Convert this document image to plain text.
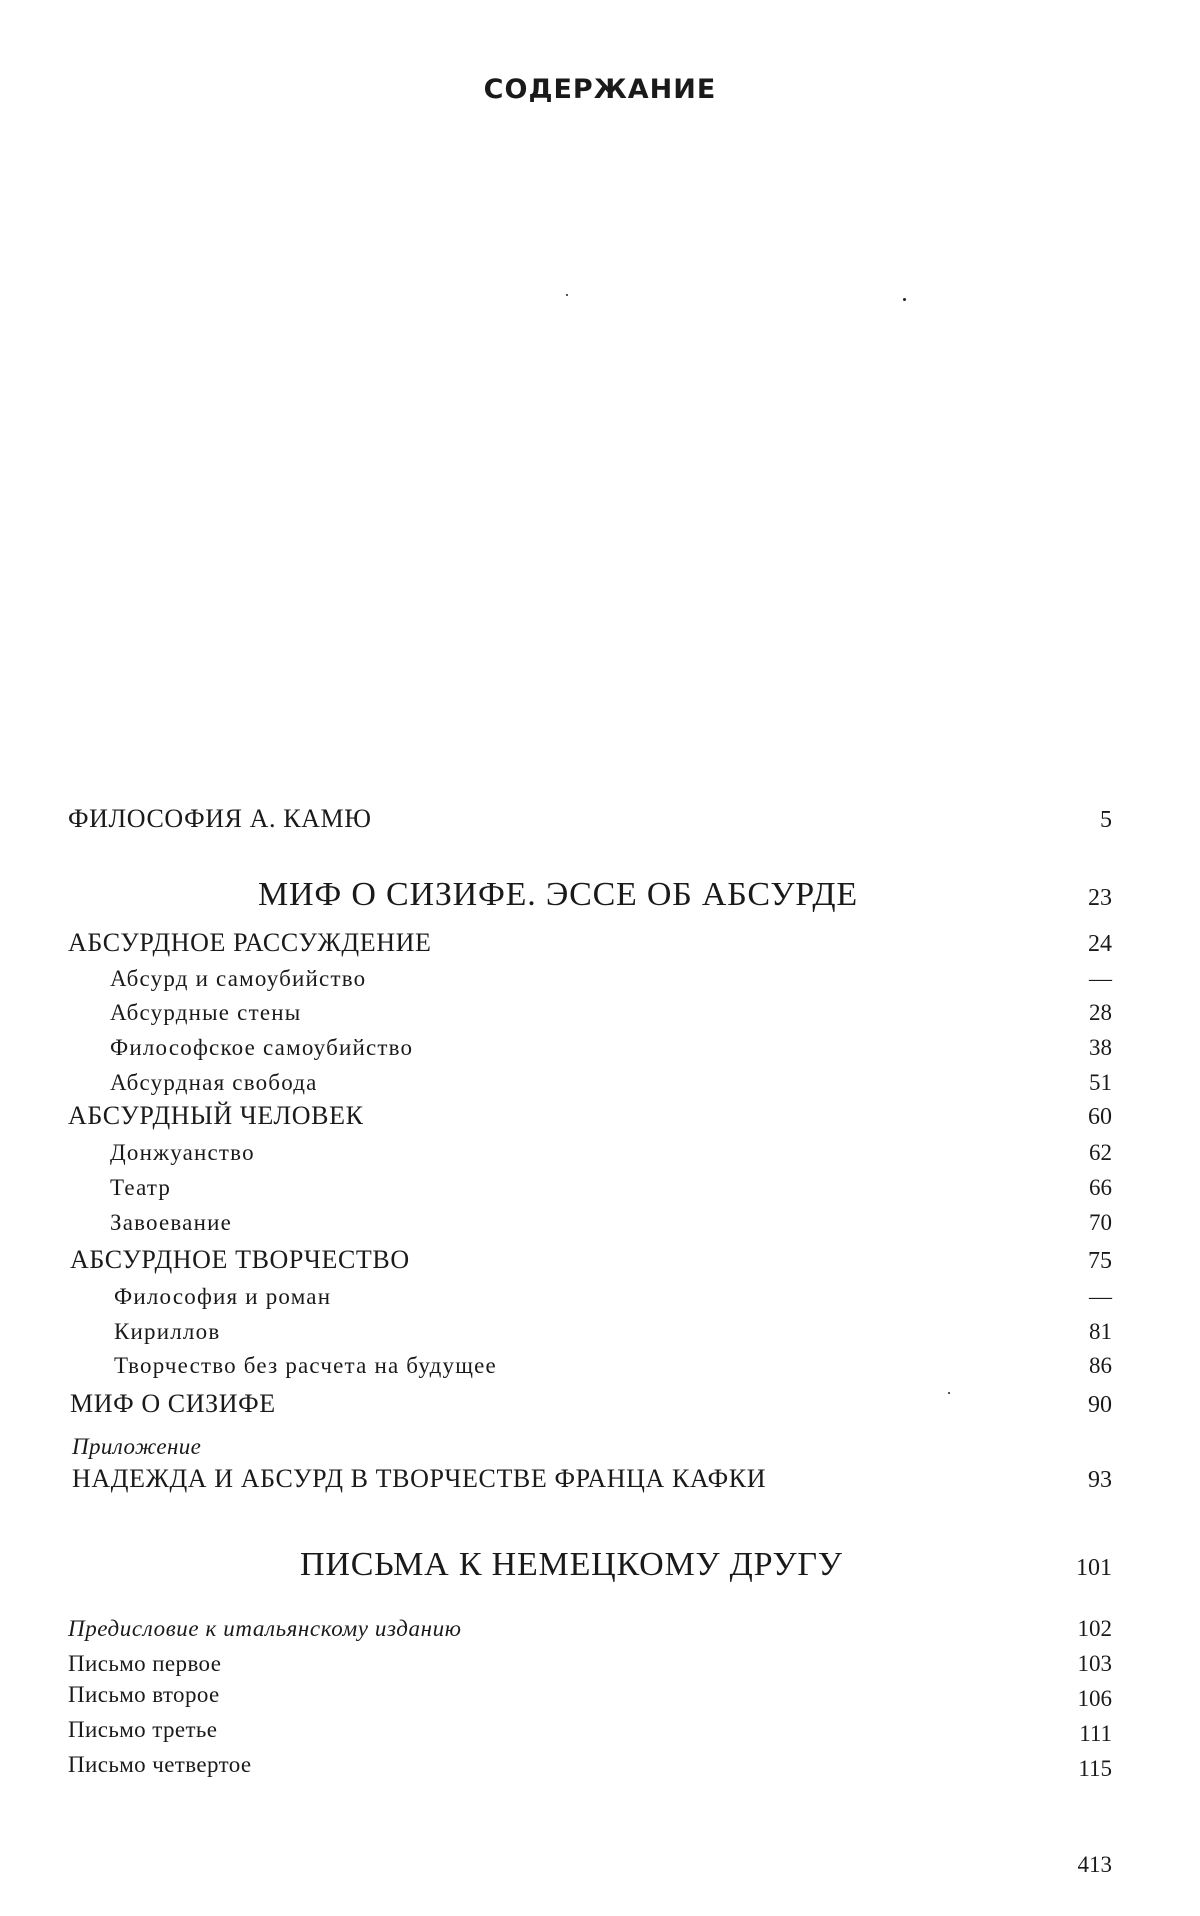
СОДЕРЖАНИЕ
ФИЛОСОФИЯ А. КАМЮ	5
МИФ О СИЗИФЕ. ЭССЕ ОБ АБСУРДЕ	23
АБСУРДНОЕ РАССУЖДЕНИЕ	24
Абсурд и самоубийство	—
Абсурдные стены	28
Философское самоубийство	38
Абсурдная свобода	51
АБСУРДНЫЙ ЧЕЛОВЕК	60
Донжуанство	62
Театр	66
Завоевание	70
АБСУРДНОЕ ТВОРЧЕСТВО	75
Философия и роман	—
Кириллов	81
Творчество без расчета на будущее	86
МИФ О СИЗИФЕ	90
Приложение
НАДЕЖДА И АБСУРД В ТВОРЧЕСТВЕ ФРАНЦА КАФКИ	93
ПИСЬМА К НЕМЕЦКОМУ ДРУГУ	101
Предисловие к итальянскому изданию	102
Письмо первое	103
Письмо второе	106
Письмо третье	111
Письмо четвертое	115
413
